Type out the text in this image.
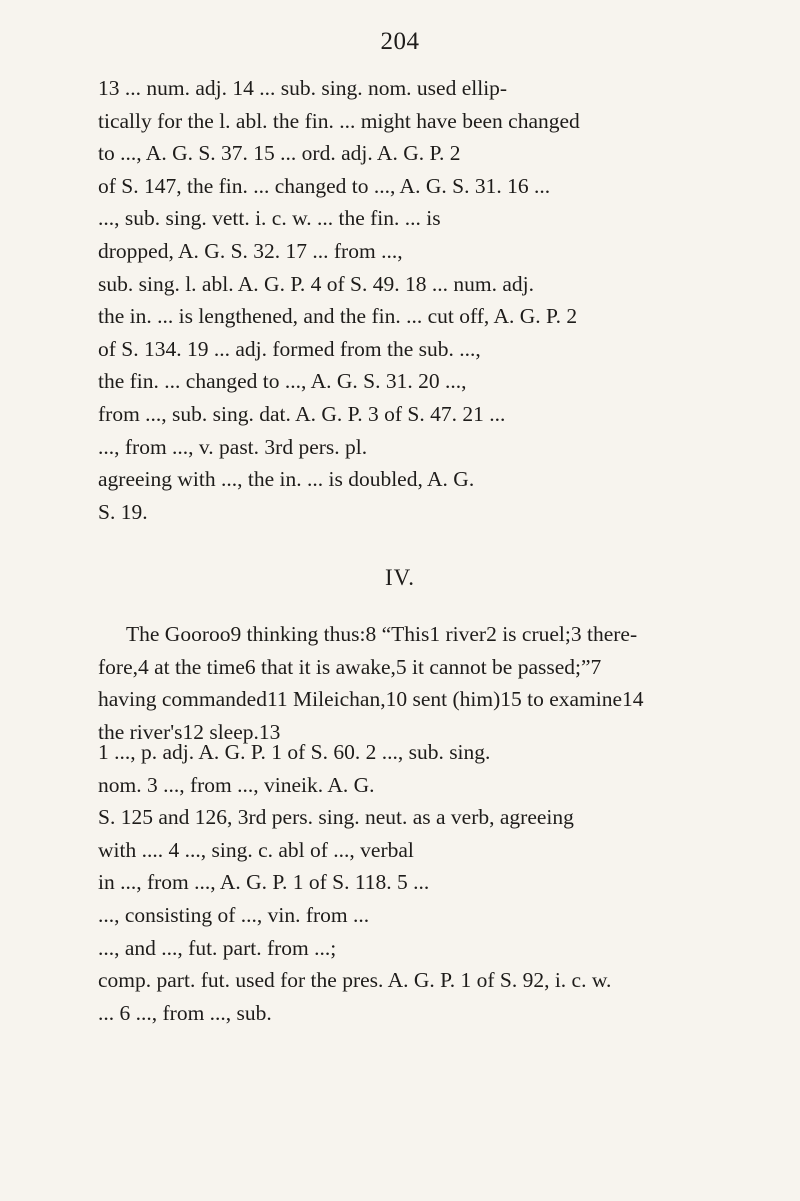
204
13 ... num. adj. 14 ... sub. sing. nom. used ellip-
tically for the l. abl. the fin. ... might have been changed
to ..., A. G. S. 37. 15 ... ord. adj. A. G. P. 2
of S. 147, the fin. ... changed to ..., A. G. S. 31. 16 ...
..., sub. sing. vett. i. c. w. ... the fin. ... is
dropped, A. G. S. 32. 17 ... from ...,
sub. sing. l. abl. A. G. P. 4 of S. 49. 18 ... num. adj.
the in. ... is lengthened, and the fin. ... cut off, A. G. P. 2
of S. 134. 19 ... adj. formed from the sub. ...,
the fin. ... changed to ..., A. G. S. 31. 20 ...,
from ..., sub. sing. dat. A. G. P. 3 of S. 47. 21 ...
..., from ..., v. past. 3rd pers. pl.
agreeing with ..., the in. ... is doubled, A. G.
S. 19.
IV.
The Gooroo9 thinking thus:8 “This1 river2 is cruel;3 there-
fore,4 at the time6 that it is awake,5 it cannot be passed;”7
having commanded11 Mileichan,10 sent (him)15 to examine14
the river's12 sleep.13
1 ..., p. adj. A. G. P. 1 of S. 60. 2 ..., sub. sing.
nom. 3 ..., from ..., vineik. A. G.
S. 125 and 126, 3rd pers. sing. neut. as a verb, agreeing
with .... 4 ..., sing. c. abl of ..., verbal
in ..., from ..., A. G. P. 1 of S. 118. 5 ...
..., consisting of ..., vin. from ...
..., and ..., fut. part. from ...;
comp. part. fut. used for the pres. A. G. P. 1 of S. 92, i. c. w.
... 6 ..., from ..., sub.
